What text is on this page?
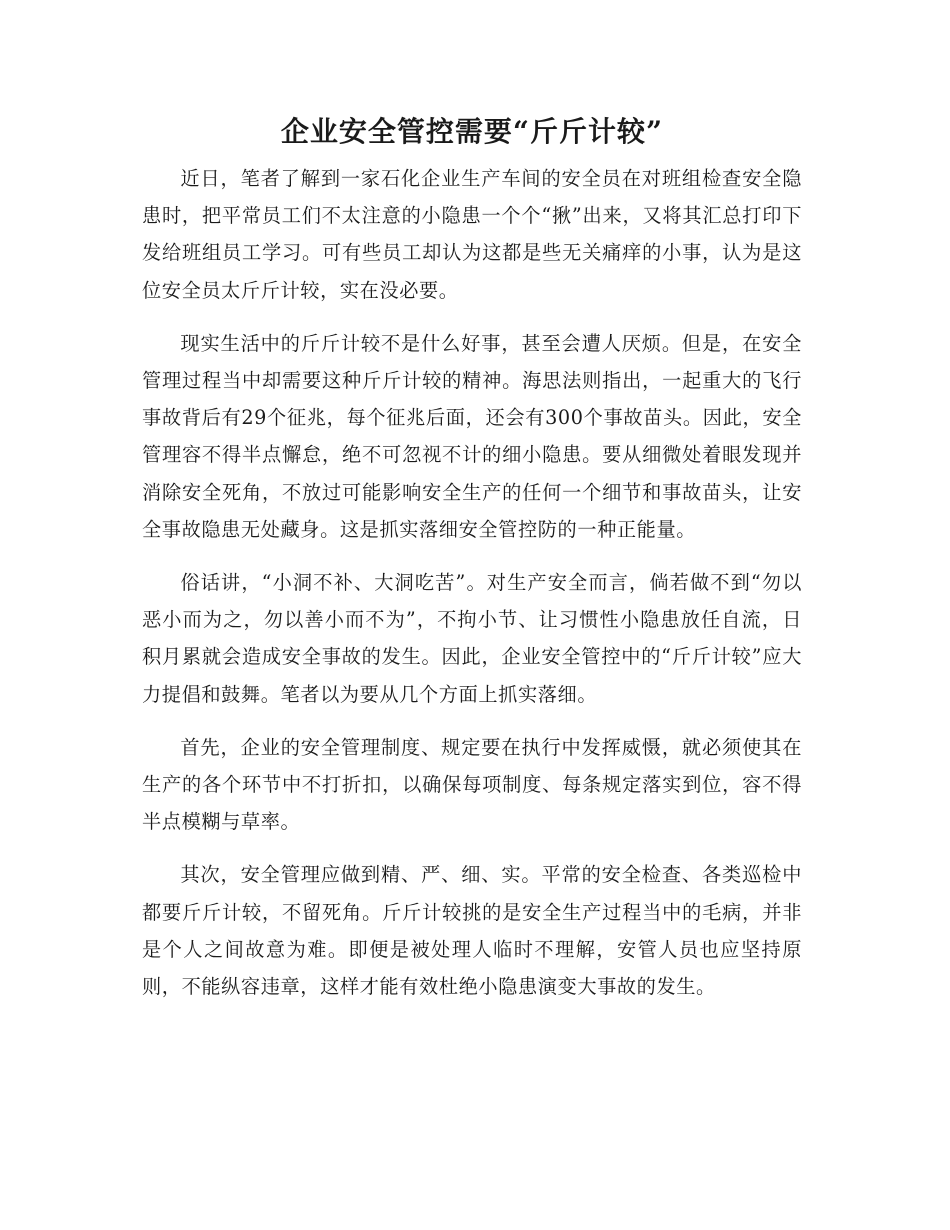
企业安全管控需要“斤斤计较”

近日，笔者了解到一家石化企业生产车间的安全员在对班组检查安全隐患时，把平常员工们不太注意的小隐患一个个“揪”出来，又将其汇总打印下发给班组员工学习。可有些员工却认为这都是些无关痛痒的小事，认为是这位安全员太斤斤计较，实在没必要。

现实生活中的斤斤计较不是什么好事，甚至会遭人厌烦。但是，在安全管理过程当中却需要这种斤斤计较的精神。海思法则指出，一起重大的飞行事故背后有29个征兆，每个征兆后面，还会有300个事故苗头。因此，安全管理容不得半点懈怠，绝不可忽视不计的细小隐患。要从细微处着眼发现并消除安全死角，不放过可能影响安全生产的任何一个细节和事故苗头，让安全事故隐患无处藏身。这是抓实落细安全管控防的一种正能量。

俗话讲，“小洞不补、大洞吃苦”。对生产安全而言，倘若做不到“勿以恶小而为之，勿以善小而不为”，不拘小节、让习惯性小隐患放任自流，日积月累就会造成安全事故的发生。因此，企业安全管控中的“斤斤计较”应大力提倡和鼓舞。笔者以为要从几个方面上抓实落细。

首先，企业的安全管理制度、规定要在执行中发挥威慑，就必须使其在生产的各个环节中不打折扣，以确保每项制度、每条规定落实到位，容不得半点模糊与草率。

其次，安全管理应做到精、严、细、实。平常的安全检查、各类巡检中都要斤斤计较，不留死角。斤斤计较挑的是安全生产过程当中的毛病，并非是个人之间故意为难。即便是被处理人临时不理解，安管人员也应坚持原则，不能纵容违章，这样才能有效杜绝小隐患演变大事故的发生。
